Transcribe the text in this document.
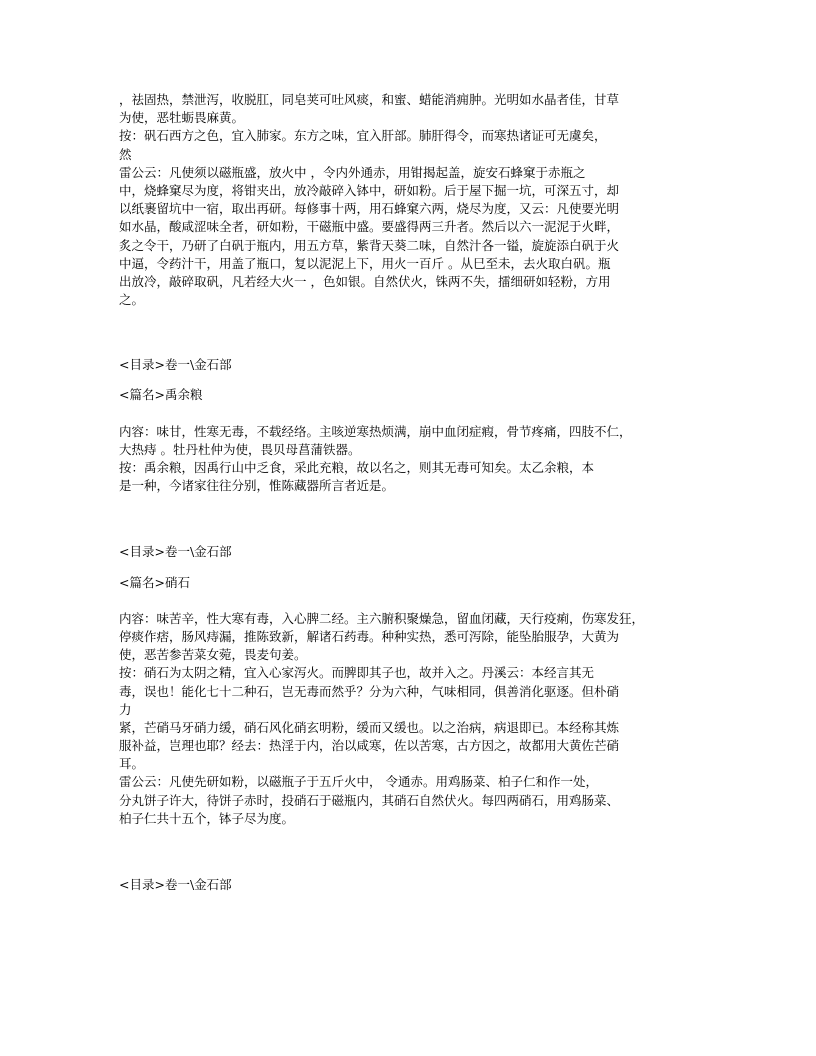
，祛固热，禁泄泻，收脱肛，同皂荚可吐风痰，和蜜、蜡能消痈肿。光明如水晶者佳，甘草
为使，恶牡蛎畏麻黄。
按：矾石西方之色，宜入肺家。东方之味，宜入肝部。肺肝得令，而寒热诸证可无虞矣，
然
雷公云：凡使须以磁瓶盛，放火中 ，令内外通赤，用钳揭起盖，旋安石蜂窠于赤瓶之
中，烧蜂窠尽为度，将钳夹出，放冷敲碎入钵中，研如粉。后于屋下掘一坑，可深五寸，却
以纸裹留坑中一宿，取出再研。每修事十两，用石蜂窠六两，烧尽为度，又云：凡使要光明
如水晶，酸咸涩味全者，研如粉，干磁瓶中盛。要盛得两三升者。然后以六一泥泥于火畔，
炙之令干，乃研了白矾于瓶内，用五方草，紫背天葵二味，自然汁各一镒，旋旋添白矾于火
中逼，令药汁干，用盖了瓶口，复以泥泥上下，用火一百斤 。从巳至未，去火取白矾。瓶
出放冷，敲碎取矾，凡若经大火一 ，色如银。自然伏火，铢两不失，擂细研如轻粉，方用
之。
<目录>卷一\金石部
<篇名>禹余粮
内容：味甘，性寒无毒，不载经络。主咳逆寒热烦满，崩中血闭症瘕，骨节疼痛，四肢不仁，
大热痔 。牡丹杜仲为使，畏贝母菖蒲铁器。
按：禹余粮，因禹行山中乏食，采此充粮，故以名之，则其无毒可知矣。太乙余粮，本
是一种，今诸家往往分别，惟陈藏器所言者近是。
<目录>卷一\金石部
<篇名>硝石
内容：味苦辛，性大寒有毒，入心脾二经。主六腑积聚燥急，留血闭藏，天行疫痢，伤寒发狂，
停痰作痞，肠风痔漏，推陈致新，解诸石药毒。种种实热，悉可泻除，能坠胎服孕，大黄为
使，恶苦参苦菜女菀，畏麦句姜。
按：硝石为太阴之精，宜入心家泻火。而脾即其子也，故并入之。丹溪云：本经言其无
毒，误也！能化七十二种石，岂无毒而然乎？分为六种，气味相同，俱善消化驱逐。但朴硝
力
紧，芒硝马牙硝力缓，硝石风化硝玄明粉，缓而又缓也。以之治病，病退即已。本经称其炼
服补益，岂理也耶？经去：热淫于内，治以咸寒，佐以苦寒，古方因之，故都用大黄佐芒硝
耳。
雷公云：凡使先研如粉，以磁瓶子于五斤火中， 令通赤。用鸡肠菜、柏子仁和作一处，
分丸饼子许大，待饼子赤时，投硝石于磁瓶内，其硝石自然伏火。每四两硝石，用鸡肠菜、
柏子仁共十五个，钵子尽为度。
<目录>卷一\金石部
